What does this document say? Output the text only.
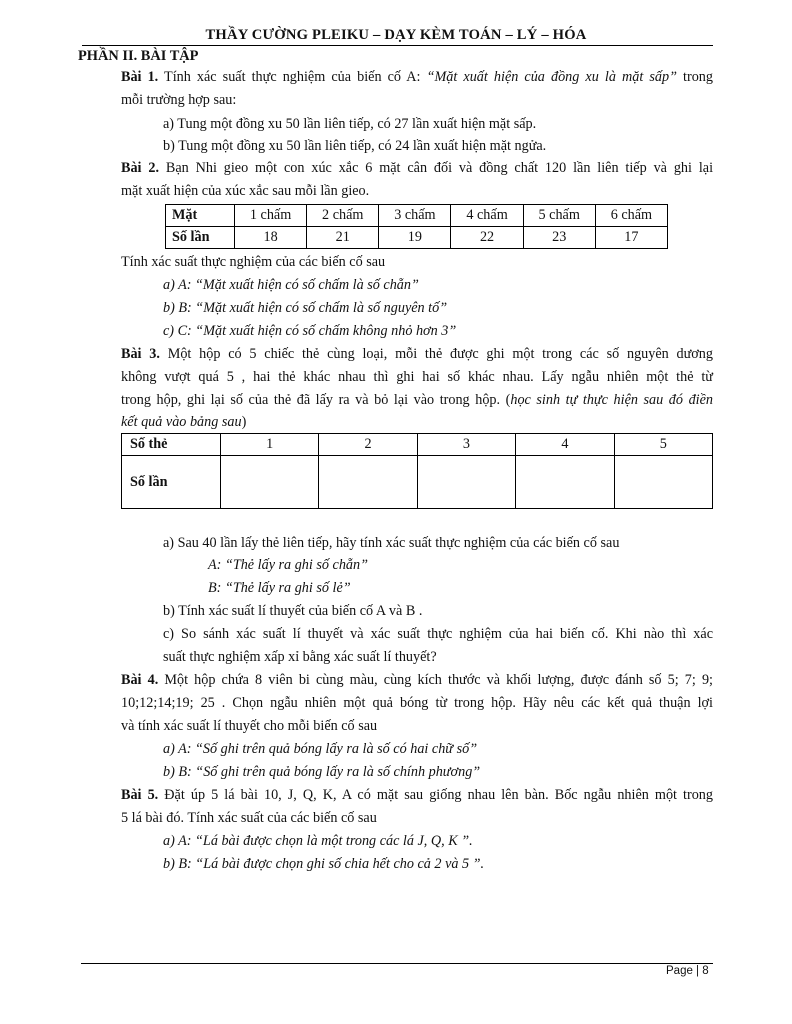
THẦY CƯỜNG PLEIKU – DẠY KÈM TOÁN – LÝ – HÓA
PHẦN II. BÀI TẬP
Bài 1. Tính xác suất thực nghiệm của biến cố A: “Mặt xuất hiện của đồng xu là mặt sấp” trong
mỗi trường hợp sau:
a) Tung một đồng xu 50 lần liên tiếp, có 27 lần xuất hiện mặt sấp.
b) Tung một đồng xu 50 lần liên tiếp, có 24 lần xuất hiện mặt ngửa.
Bài 2. Bạn Nhi gieo một con xúc xắc 6 mặt cân đối và đồng chất 120 lần liên tiếp và ghi lại
mặt xuất hiện của xúc xắc sau mỗi lần gieo.
Mặt	1 chấm	2 chấm	3 chấm	4 chấm	5 chấm	6 chấm
Số lần	18	21	19	22	23	17
Tính xác suất thực nghiệm của các biến cố sau
a) A: “Mặt xuất hiện có số chấm là số chẵn”
b) B: “Mặt xuất hiện có số chấm là số nguyên tố”
c) C: “Mặt xuất hiện có số chấm không nhỏ hơn 3”
Bài 3. Một hộp có 5 chiếc thẻ cùng loại, mỗi thẻ được ghi một trong các số nguyên dương
không vượt quá 5 , hai thẻ khác nhau thì ghi hai số khác nhau. Lấy ngẫu nhiên một thẻ từ
trong hộp, ghi lại số của thẻ đã lấy ra và bỏ lại vào trong hộp. (học sinh tự thực hiện sau đó điền
kết quả vào bảng sau)
Số thẻ	1	2	3	4	5
Số lần					
a) Sau 40 lần lấy thẻ liên tiếp, hãy tính xác suất thực nghiệm của các biến cố sau
A: “Thẻ lấy ra ghi số chẵn”
B: “Thẻ lấy ra ghi số lẻ”
b) Tính xác suất lí thuyết của biến cố A và B .
c) So sánh xác suất lí thuyết và xác suất thực nghiệm của hai biến cố. Khi nào thì xác
suất thực nghiệm xấp xỉ bằng xác suất lí thuyết?
Bài 4. Một hộp chứa 8 viên bi cùng màu, cùng kích thước và khối lượng, được đánh số 5; 7; 9;
10;12;14;19; 25 . Chọn ngẫu nhiên một quả bóng từ trong hộp. Hãy nêu các kết quả thuận lợi
và tính xác suất lí thuyết cho mỗi biến cố sau
a) A: “Số ghi trên quả bóng lấy ra là số có hai chữ số”
b) B: “Số ghi trên quả bóng lấy ra là số chính phương”
Bài 5. Đặt úp 5 lá bài 10, J, Q, K, A có mặt sau giống nhau lên bàn. Bốc ngẫu nhiên một trong
5 lá bài đó. Tính xác suất của các biến cố sau
a) A: “Lá bài được chọn là một trong các lá J, Q, K ”.
b) B: “Lá bài được chọn ghi số chia hết cho cả 2 và 5 ”.
Page | 8
